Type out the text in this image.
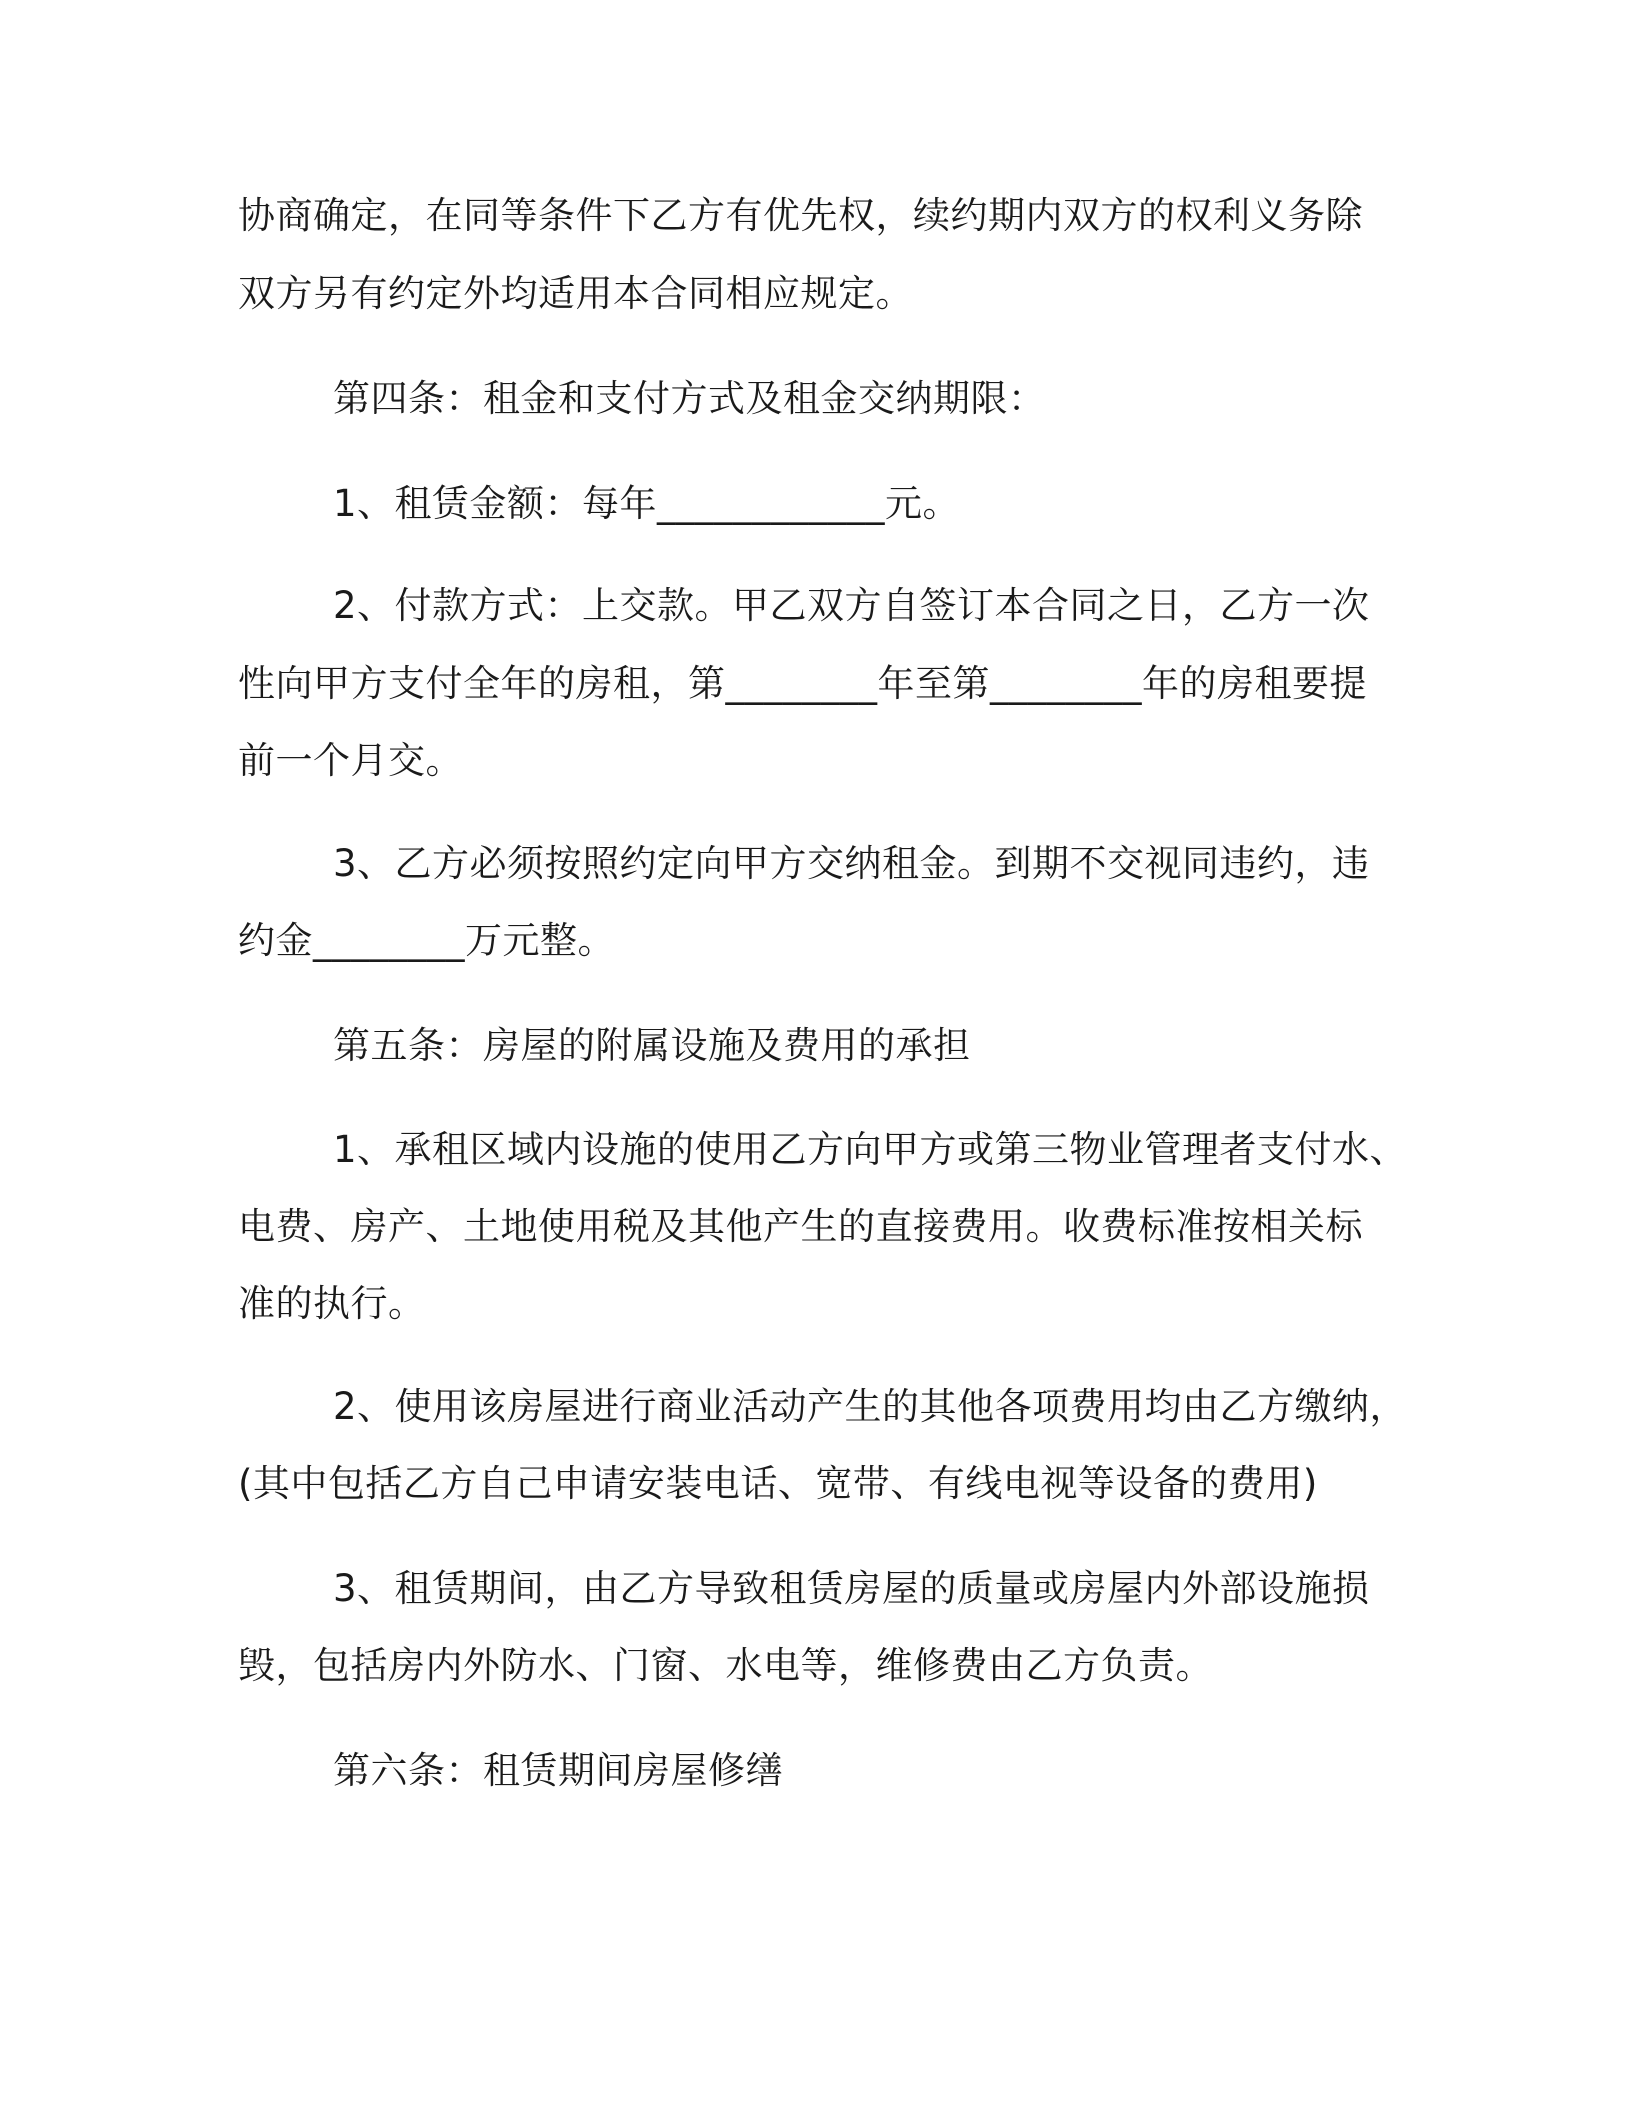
协商确定，在同等条件下乙方有优先权，续约期内双方的权利义务除
双方另有约定外均适用本合同相应规定。
第四条：租金和支付方式及租金交纳期限：
1、租赁金额：每年____________元。
2、付款方式：上交款。甲乙双方自签订本合同之日，乙方一次
性向甲方支付全年的房租，第________年至第________年的房租要提
前一个月交。
3、乙方必须按照约定向甲方交纳租金。到期不交视同违约，违
约金________万元整。
第五条：房屋的附属设施及费用的承担
1、承租区域内设施的使用乙方向甲方或第三物业管理者支付水、
电费、房产、土地使用税及其他产生的直接费用。收费标准按相关标
准的执行。
2、使用该房屋进行商业活动产生的其他各项费用均由乙方缴纳，
(其中包括乙方自己申请安装电话、宽带、有线电视等设备的费用)
3、租赁期间，由乙方导致租赁房屋的质量或房屋内外部设施损
毁，包括房内外防水、门窗、水电等，维修费由乙方负责。
第六条：租赁期间房屋修缮
